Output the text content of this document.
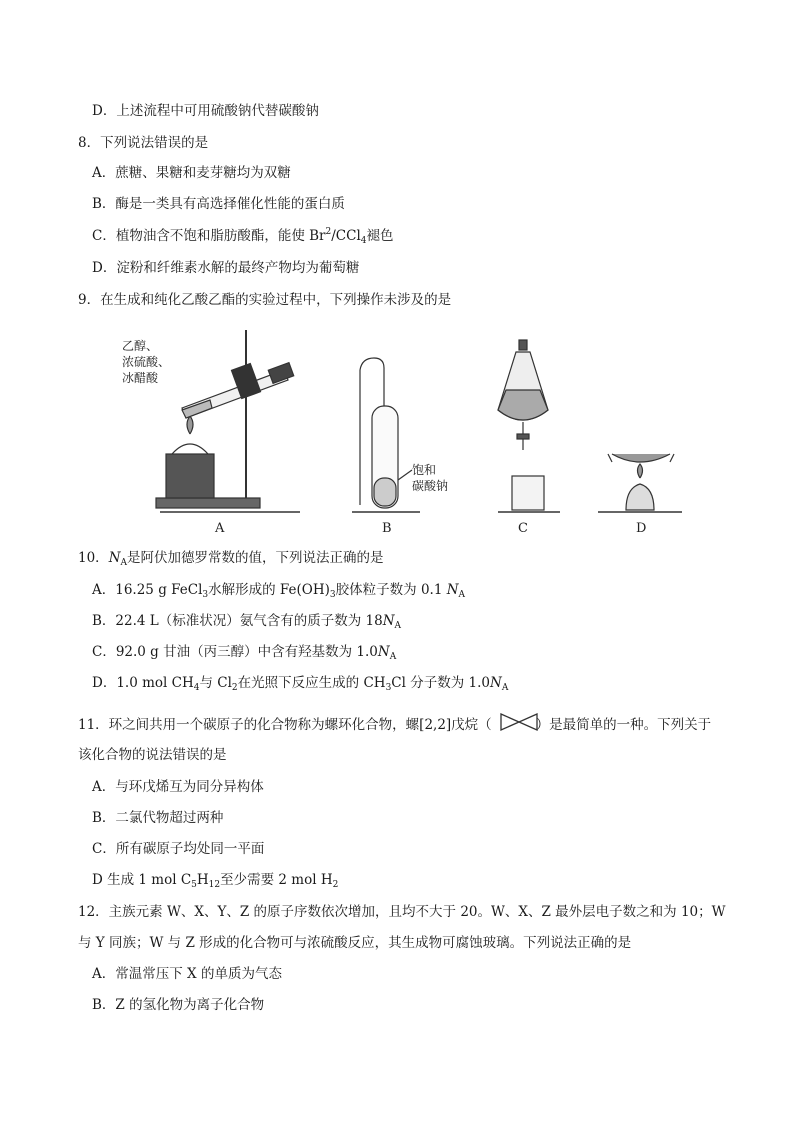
D．上述流程中可用硫酸钠代替碳酸钠
8．下列说法错误的是
A．蔗糖、果糖和麦芽糖均为双糖
B．酶是一类具有高选择催化性能的蛋白质
C．植物油含不饱和脂肪酸酯，能使 $Br^2/CCl_4$褪色
D．淀粉和纤维素水解的最终产物均为葡萄糖
9．在生成和纯化乙酸乙酯的实验过程中，下列操作未涉及的是
乙醇、
浓硫酸、
冰醋酸
饱和
碳酸钠
A	B	C	D
10．$N_A$是阿伏加德罗常数的值，下列说法正确的是
A．16.25 g FeCl$_3$水解形成的 $Fe(OH)_3$胶体粒子数为 0.1 $N_A$
B．22.4 L（标准状况）氨气含有的质子数为 $18N_A$
C．92.0 g 甘油（丙三醇）中含有羟基数为 $1.0N_A$
D．1.0 mol $CH_4$与 $Cl_2$在光照下反应生成的 $CH_3Cl$ 分子数为 $1.0N_A$
11．环之间共用一个碳原子的化合物称为螺环化合物，螺[2,2]戊烷（	）是最简单的一种。下列关于
该化合物的说法错误的是
A．与环戊烯互为同分异构体
B．二氯代物超过两种
C．所有碳原子均处同一平面
D 生成 1 mol $C_5H_{12}$至少需要 2 mol $H_2$
12．主族元素 W、X、Y、Z 的原子序数依次增加，且均不大于 20。W、X、Z 最外层电子数之和为 10；W
与 Y 同族；W 与 Z 形成的化合物可与浓硫酸反应，其生成物可腐蚀玻璃。下列说法正确的是
A．常温常压下 X 的单质为气态
B．Z 的氢化物为离子化合物
